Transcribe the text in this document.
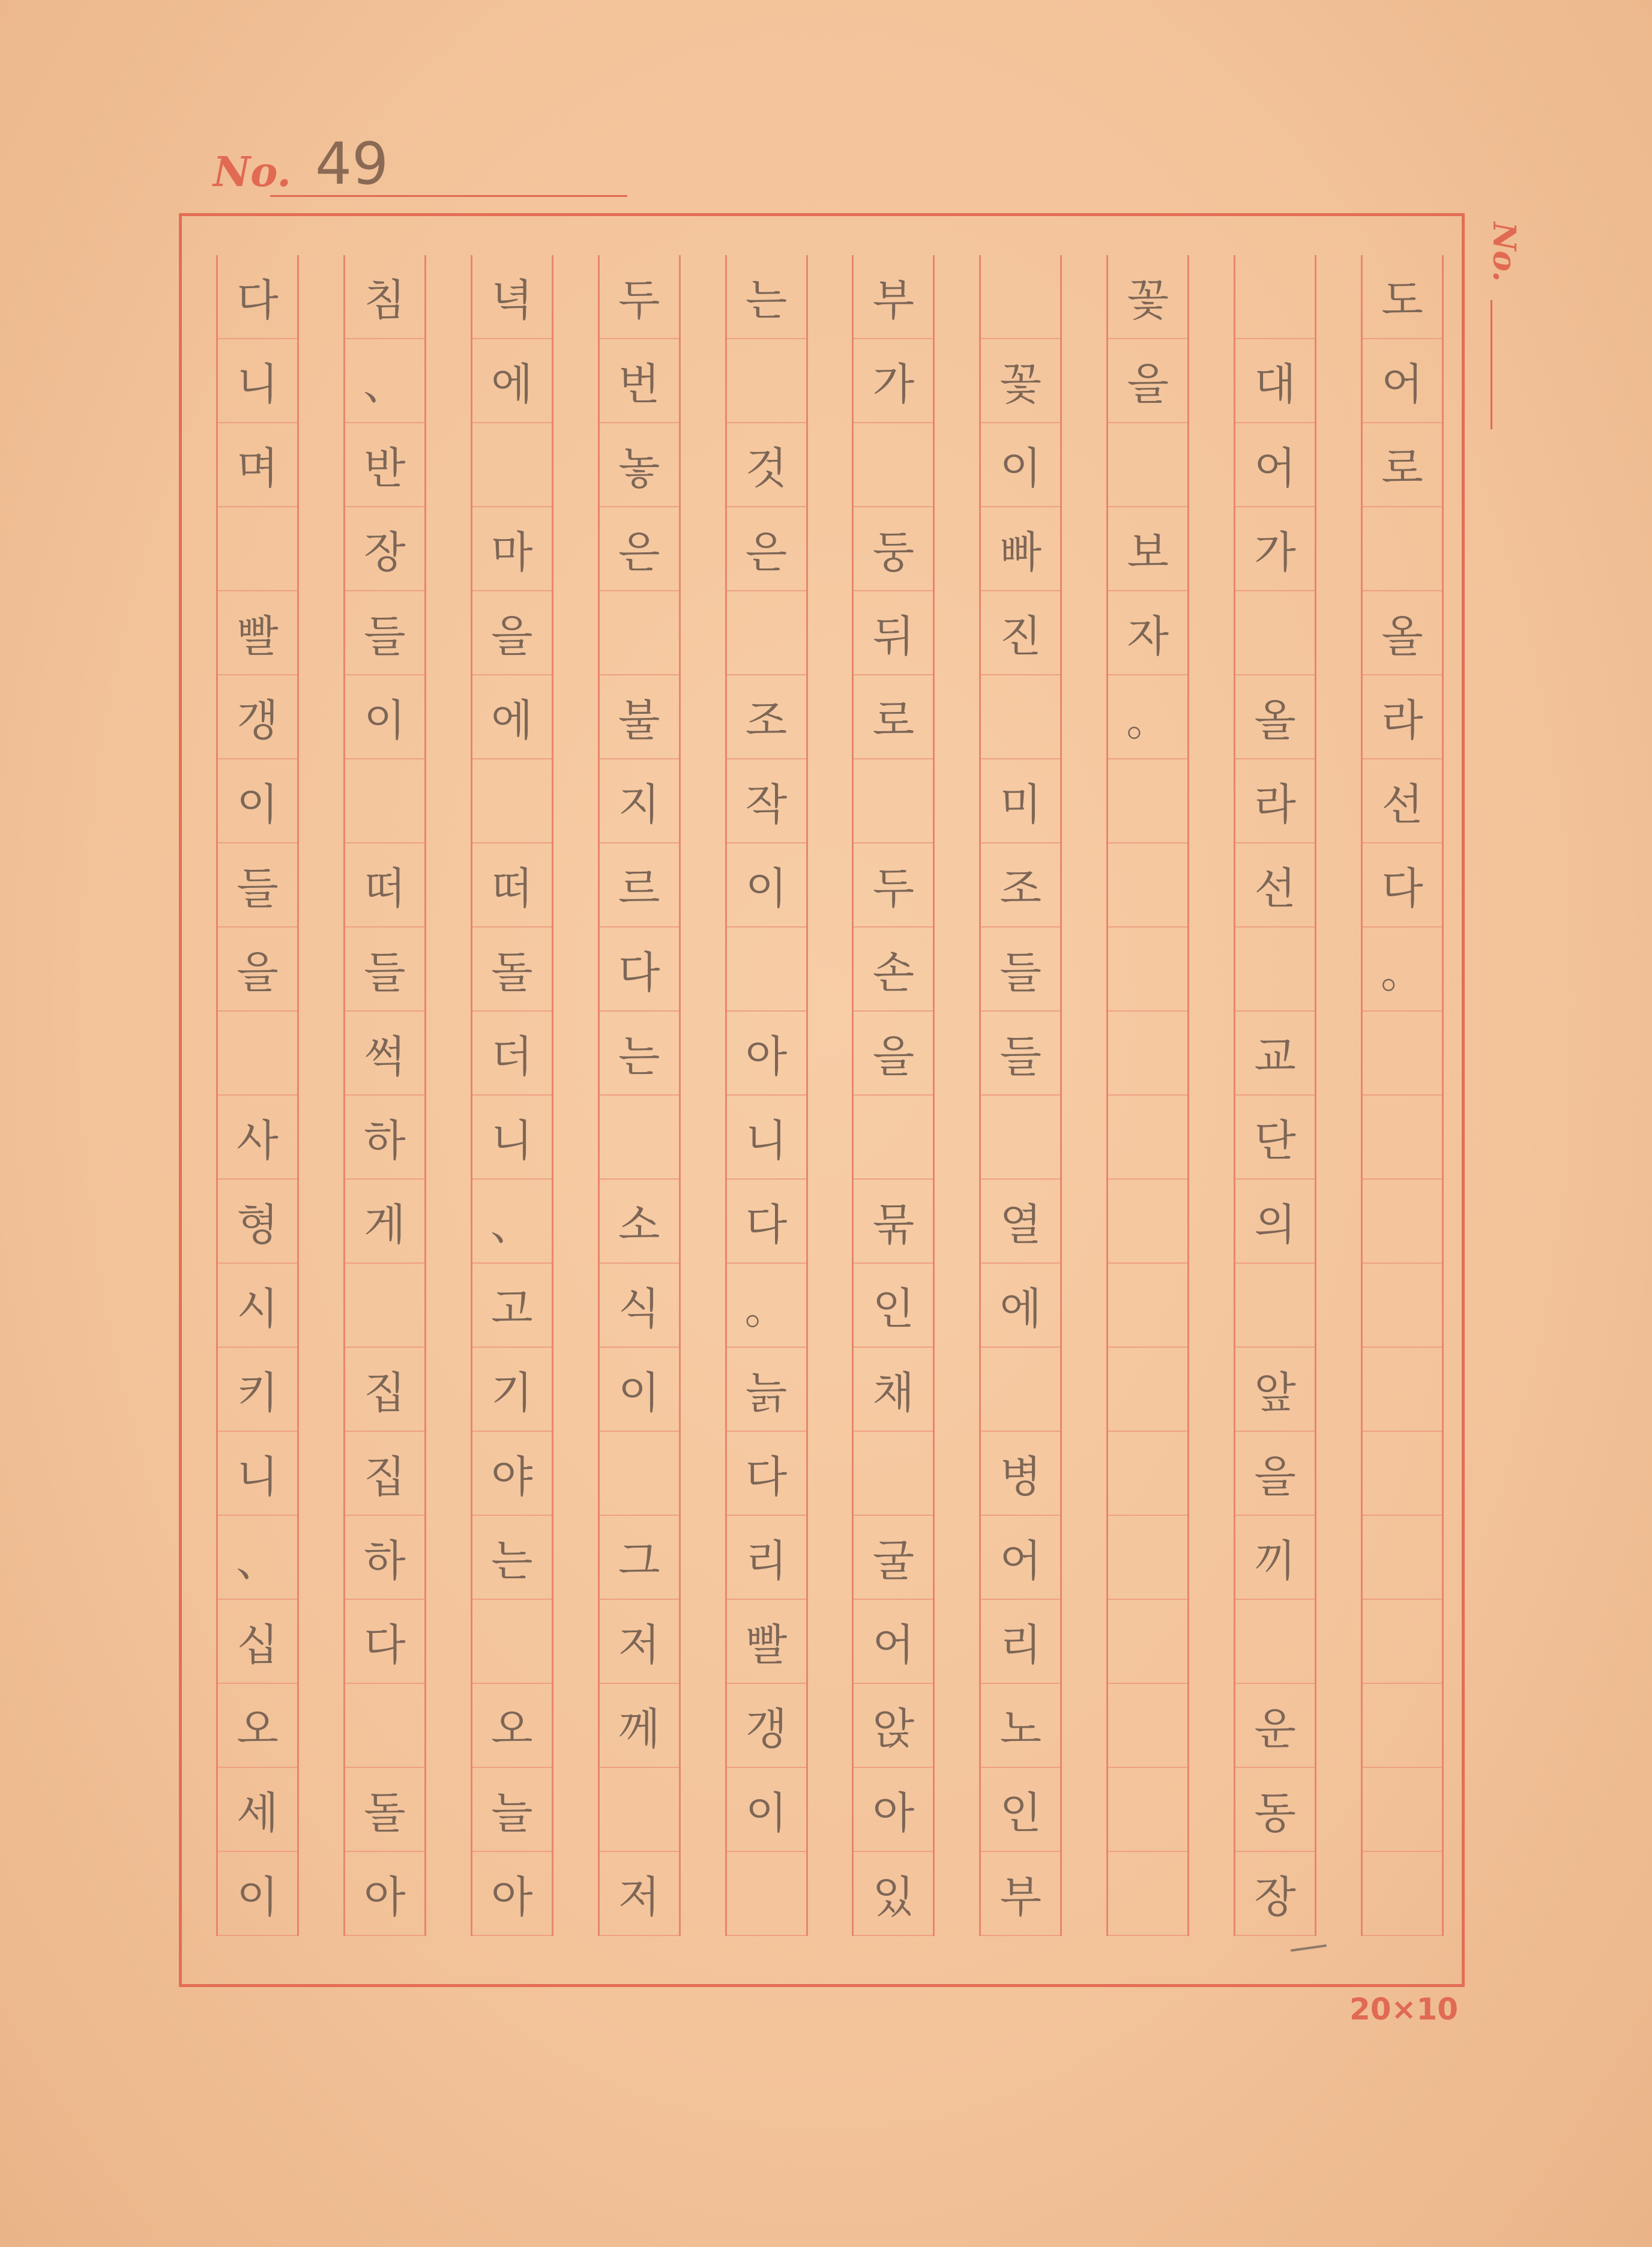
No. 49
No.
도
어
로
올
라
선
다
。
대
어
가
올
라
선
교
단
의
앞
을
끼
운
동
장
꽃
을
보
자
。
꽃
이
빠
진
미
조
들
들
열
에
병
어
리
노
인
부
부
가
둥
뒤
로
두
손
을
묶
인
채
굴
어
앉
아
있
는
것
은
조
작
이
아
니
다
。
늙
다
리
빨
갱
이
두
번
놓
은
불
지
르
다
는
소
식
이
그
저
께
저
녁
에
마
을
에
떠
돌
더
니
、
고
기
야
는
오
늘
아
침
、
반
장
들
이
떠
들
썩
하
게
집
집
하
다
돌
아
다
니
며
빨
갱
이
들
을
사
형
시
키
니
、
십
오
세
이
20×10
